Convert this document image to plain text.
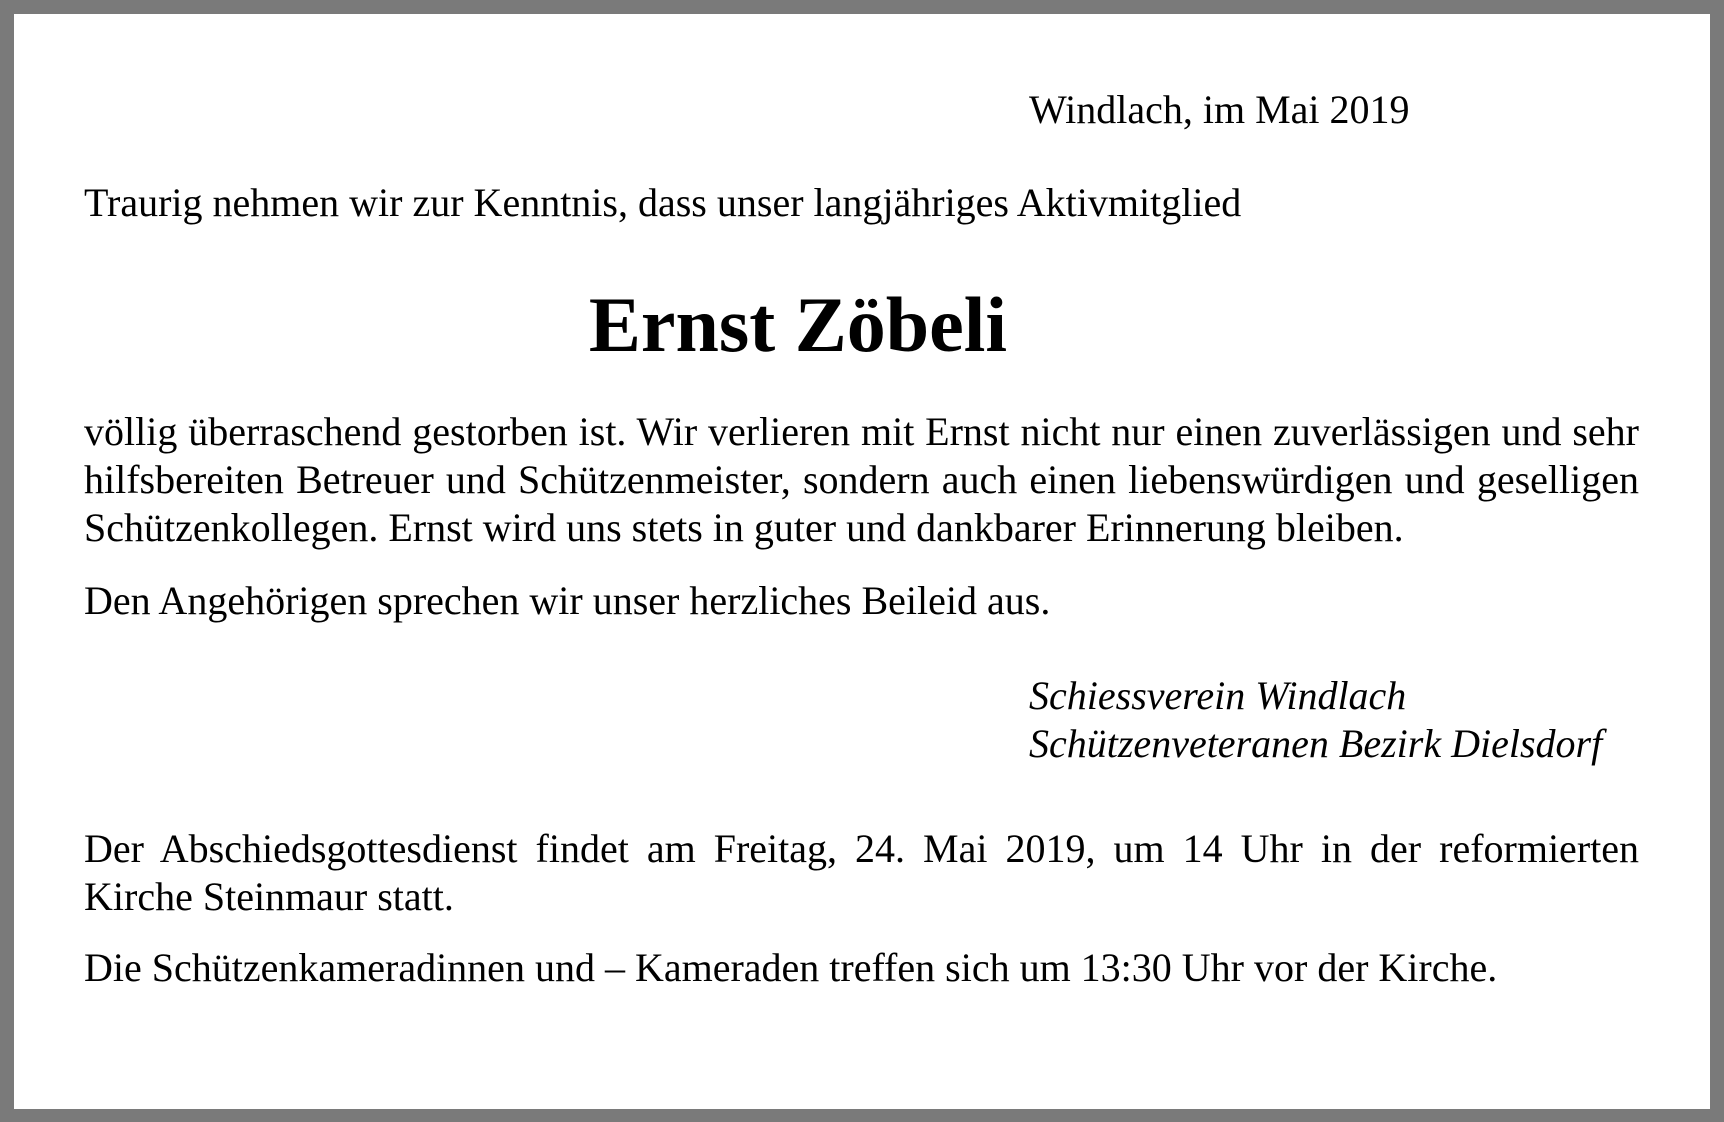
Windlach, im Mai 2019
Traurig nehmen wir zur Kenntnis, dass unser langjähriges Aktivmitglied
Ernst Zöbeli

völlig überraschend gestorben ist. Wir verlieren mit Ernst nicht nur einen zuverlässigen und sehr hilfsbereiten Betreuer und Schützenmeister, sondern auch einen liebenswürdigen und geselligen Schützenkollegen. Ernst wird uns stets in guter und dankbarer Erinnerung bleiben.

Den Angehörigen sprechen wir unser herzliches Beileid aus.

Schiessverein Windlach
Schützenveteranen Bezirk Dielsdorf

Der Abschiedsgottesdienst findet am Freitag, 24. Mai 2019, um 14 Uhr in der reformierten Kirche Steinmaur statt.

Die Schützenkameradinnen und – Kameraden treffen sich um 13:30 Uhr vor der Kirche.
